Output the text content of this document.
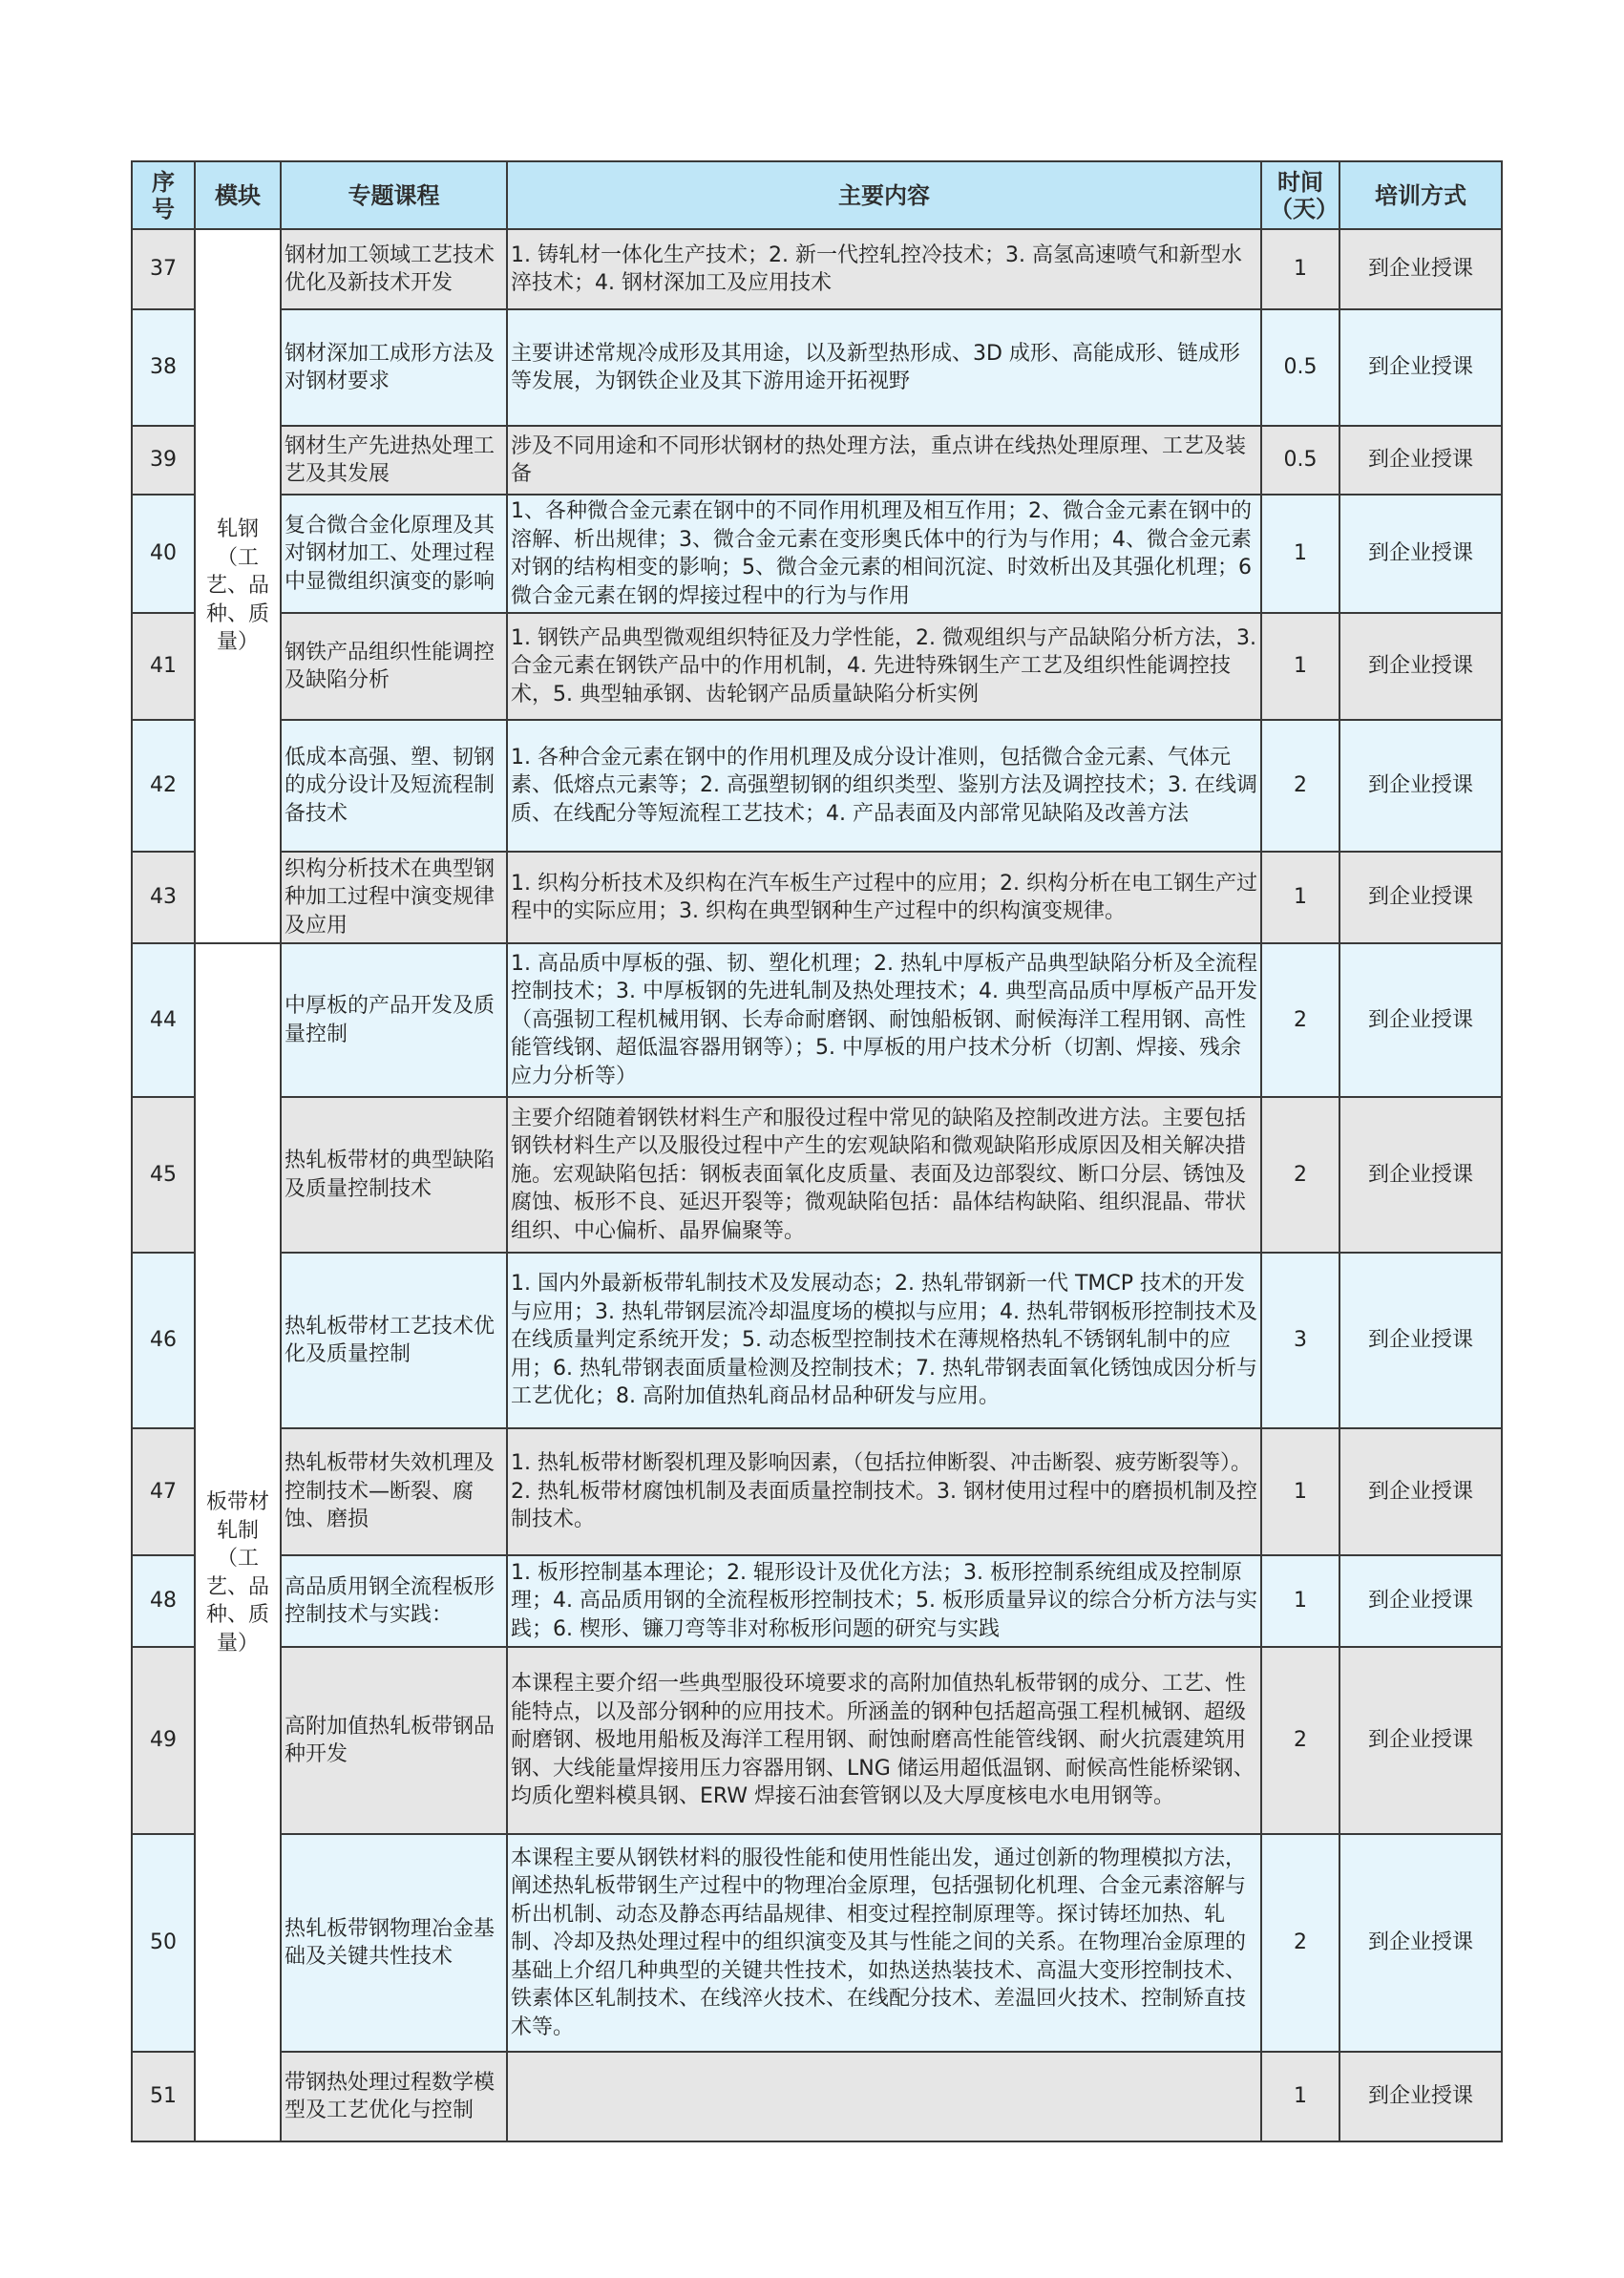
序号	模块	专题课程	主要内容	时间（天）	培训方式
37	轧钢（工艺、品种、质量）	钢材加工领域工艺技术优化及新技术开发	1. 铸轧材一体化生产技术；2. 新一代控轧控冷技术；3. 高氢高速喷气和新型水淬技术；4. 钢材深加工及应用技术	1	到企业授课
38		钢材深加工成形方法及对钢材要求	主要讲述常规冷成形及其用途，以及新型热形成、3D 成形、高能成形、链成形等发展，为钢铁企业及其下游用途开拓视野	0.5	到企业授课
39		钢材生产先进热处理工艺及其发展	涉及不同用途和不同形状钢材的热处理方法，重点讲在线热处理原理、工艺及装备	0.5	到企业授课
40		复合微合金化原理及其对钢材加工、处理过程中显微组织演变的影响	1、各种微合金元素在钢中的不同作用机理及相互作用；2、微合金元素在钢中的溶解、析出规律；3、微合金元素在变形奥氏体中的行为与作用；4、微合金元素对钢的结构相变的影响；5、微合金元素的相间沉淀、时效析出及其强化机理；6 微合金元素在钢的焊接过程中的行为与作用	1	到企业授课
41		钢铁产品组织性能调控及缺陷分析	1. 钢铁产品典型微观组织特征及力学性能，2. 微观组织与产品缺陷分析方法，3. 合金元素在钢铁产品中的作用机制，4. 先进特殊钢生产工艺及组织性能调控技术，5. 典型轴承钢、齿轮钢产品质量缺陷分析实例	1	到企业授课
42		低成本高强、塑、韧钢的成分设计及短流程制备技术	1. 各种合金元素在钢中的作用机理及成分设计准则，包括微合金元素、气体元素、低熔点元素等；2. 高强塑韧钢的组织类型、鉴别方法及调控技术；3. 在线调质、在线配分等短流程工艺技术；4. 产品表面及内部常见缺陷及改善方法	2	到企业授课
43		织构分析技术在典型钢种加工过程中演变规律及应用	1. 织构分析技术及织构在汽车板生产过程中的应用；2. 织构分析在电工钢生产过程中的实际应用；3. 织构在典型钢种生产过程中的织构演变规律。	1	到企业授课
44	板带材轧制（工艺、品种、质量）	中厚板的产品开发及质量控制	1. 高品质中厚板的强、韧、塑化机理；2. 热轧中厚板产品典型缺陷分析及全流程控制技术；3. 中厚板钢的先进轧制及热处理技术；4. 典型高品质中厚板产品开发（高强韧工程机械用钢、长寿命耐磨钢、耐蚀船板钢、耐候海洋工程用钢、高性能管线钢、超低温容器用钢等）；5. 中厚板的用户技术分析（切割、焊接、残余应力分析等）	2	到企业授课
45		热轧板带材的典型缺陷及质量控制技术	主要介绍随着钢铁材料生产和服役过程中常见的缺陷及控制改进方法。主要包括钢铁材料生产以及服役过程中产生的宏观缺陷和微观缺陷形成原因及相关解决措施。宏观缺陷包括：钢板表面氧化皮质量、表面及边部裂纹、断口分层、锈蚀及腐蚀、板形不良、延迟开裂等；微观缺陷包括：晶体结构缺陷、组织混晶、带状组织、中心偏析、晶界偏聚等。	2	到企业授课
46		热轧板带材工艺技术优化及质量控制	1. 国内外最新板带轧制技术及发展动态；2. 热轧带钢新一代 TMCP 技术的开发与应用；3. 热轧带钢层流冷却温度场的模拟与应用；4. 热轧带钢板形控制技术及在线质量判定系统开发；5. 动态板型控制技术在薄规格热轧不锈钢轧制中的应用；6. 热轧带钢表面质量检测及控制技术；7. 热轧带钢表面氧化锈蚀成因分析与工艺优化；8. 高附加值热轧商品材品种研发与应用。	3	到企业授课
47		热轧板带材失效机理及控制技术—断裂、腐蚀、磨损	1. 热轧板带材断裂机理及影响因素，（包括拉伸断裂、冲击断裂、疲劳断裂等）。2. 热轧板带材腐蚀机制及表面质量控制技术。3. 钢材使用过程中的磨损机制及控制技术。	1	到企业授课
48		高品质用钢全流程板形控制技术与实践：	1. 板形控制基本理论；2. 辊形设计及优化方法；3. 板形控制系统组成及控制原理；4. 高品质用钢的全流程板形控制技术；5. 板形质量异议的综合分析方法与实践；6. 楔形、镰刀弯等非对称板形问题的研究与实践	1	到企业授课
49		高附加值热轧板带钢品种开发	本课程主要介绍一些典型服役环境要求的高附加值热轧板带钢的成分、工艺、性能特点，以及部分钢种的应用技术。所涵盖的钢种包括超高强工程机械钢、超级耐磨钢、极地用船板及海洋工程用钢、耐蚀耐磨高性能管线钢、耐火抗震建筑用钢、大线能量焊接用压力容器用钢、LNG 储运用超低温钢、耐候高性能桥梁钢、均质化塑料模具钢、ERW 焊接石油套管钢以及大厚度核电水电用钢等。	2	到企业授课
50		热轧板带钢物理冶金基础及关键共性技术	本课程主要从钢铁材料的服役性能和使用性能出发，通过创新的物理模拟方法，阐述热轧板带钢生产过程中的物理冶金原理，包括强韧化机理、合金元素溶解与析出机制、动态及静态再结晶规律、相变过程控制原理等。探讨铸坯加热、轧制、冷却及热处理过程中的组织演变及其与性能之间的关系。在物理冶金原理的基础上介绍几种典型的关键共性技术，如热送热装技术、高温大变形控制技术、铁素体区轧制技术、在线淬火技术、在线配分技术、差温回火技术、控制矫直技术等。	2	到企业授课
51		带钢热处理过程数学模型及工艺优化与控制		1	到企业授课
